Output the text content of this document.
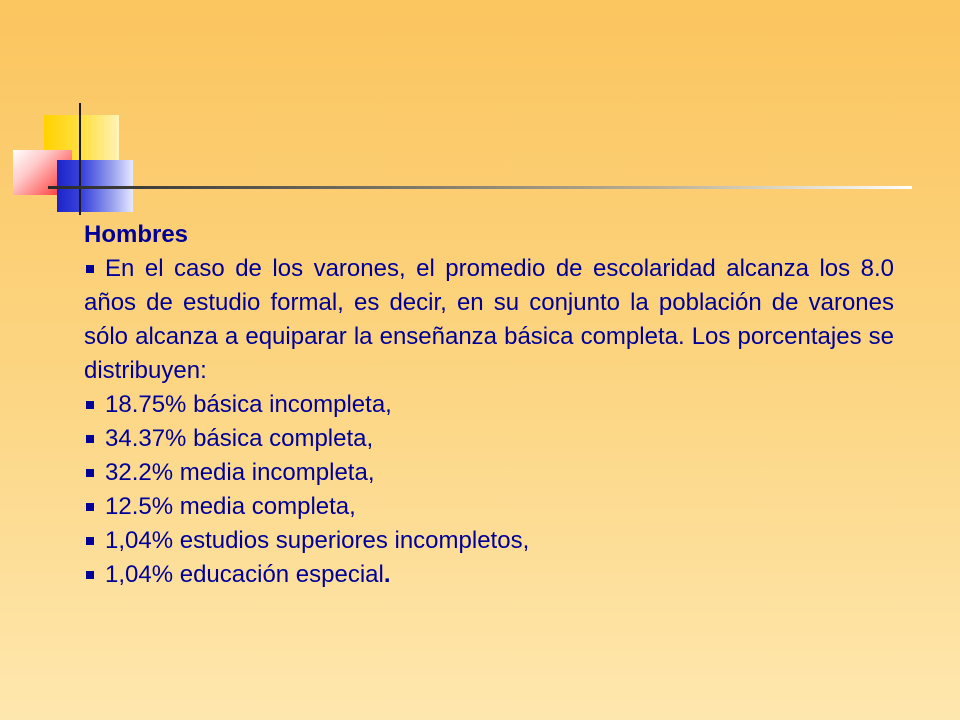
Hombres

En el caso de los varones, el promedio de escolaridad alcanza los 8.0 años de estudio formal, es decir, en su conjunto la población de varones sólo alcanza a equiparar la enseñanza básica completa. Los porcentajes se distribuyen:

18.75% básica incompleta,
34.37% básica completa,
32.2% media incompleta,
12.5% media completa,
1,04% estudios superiores incompletos,
1,04% educación especial.
